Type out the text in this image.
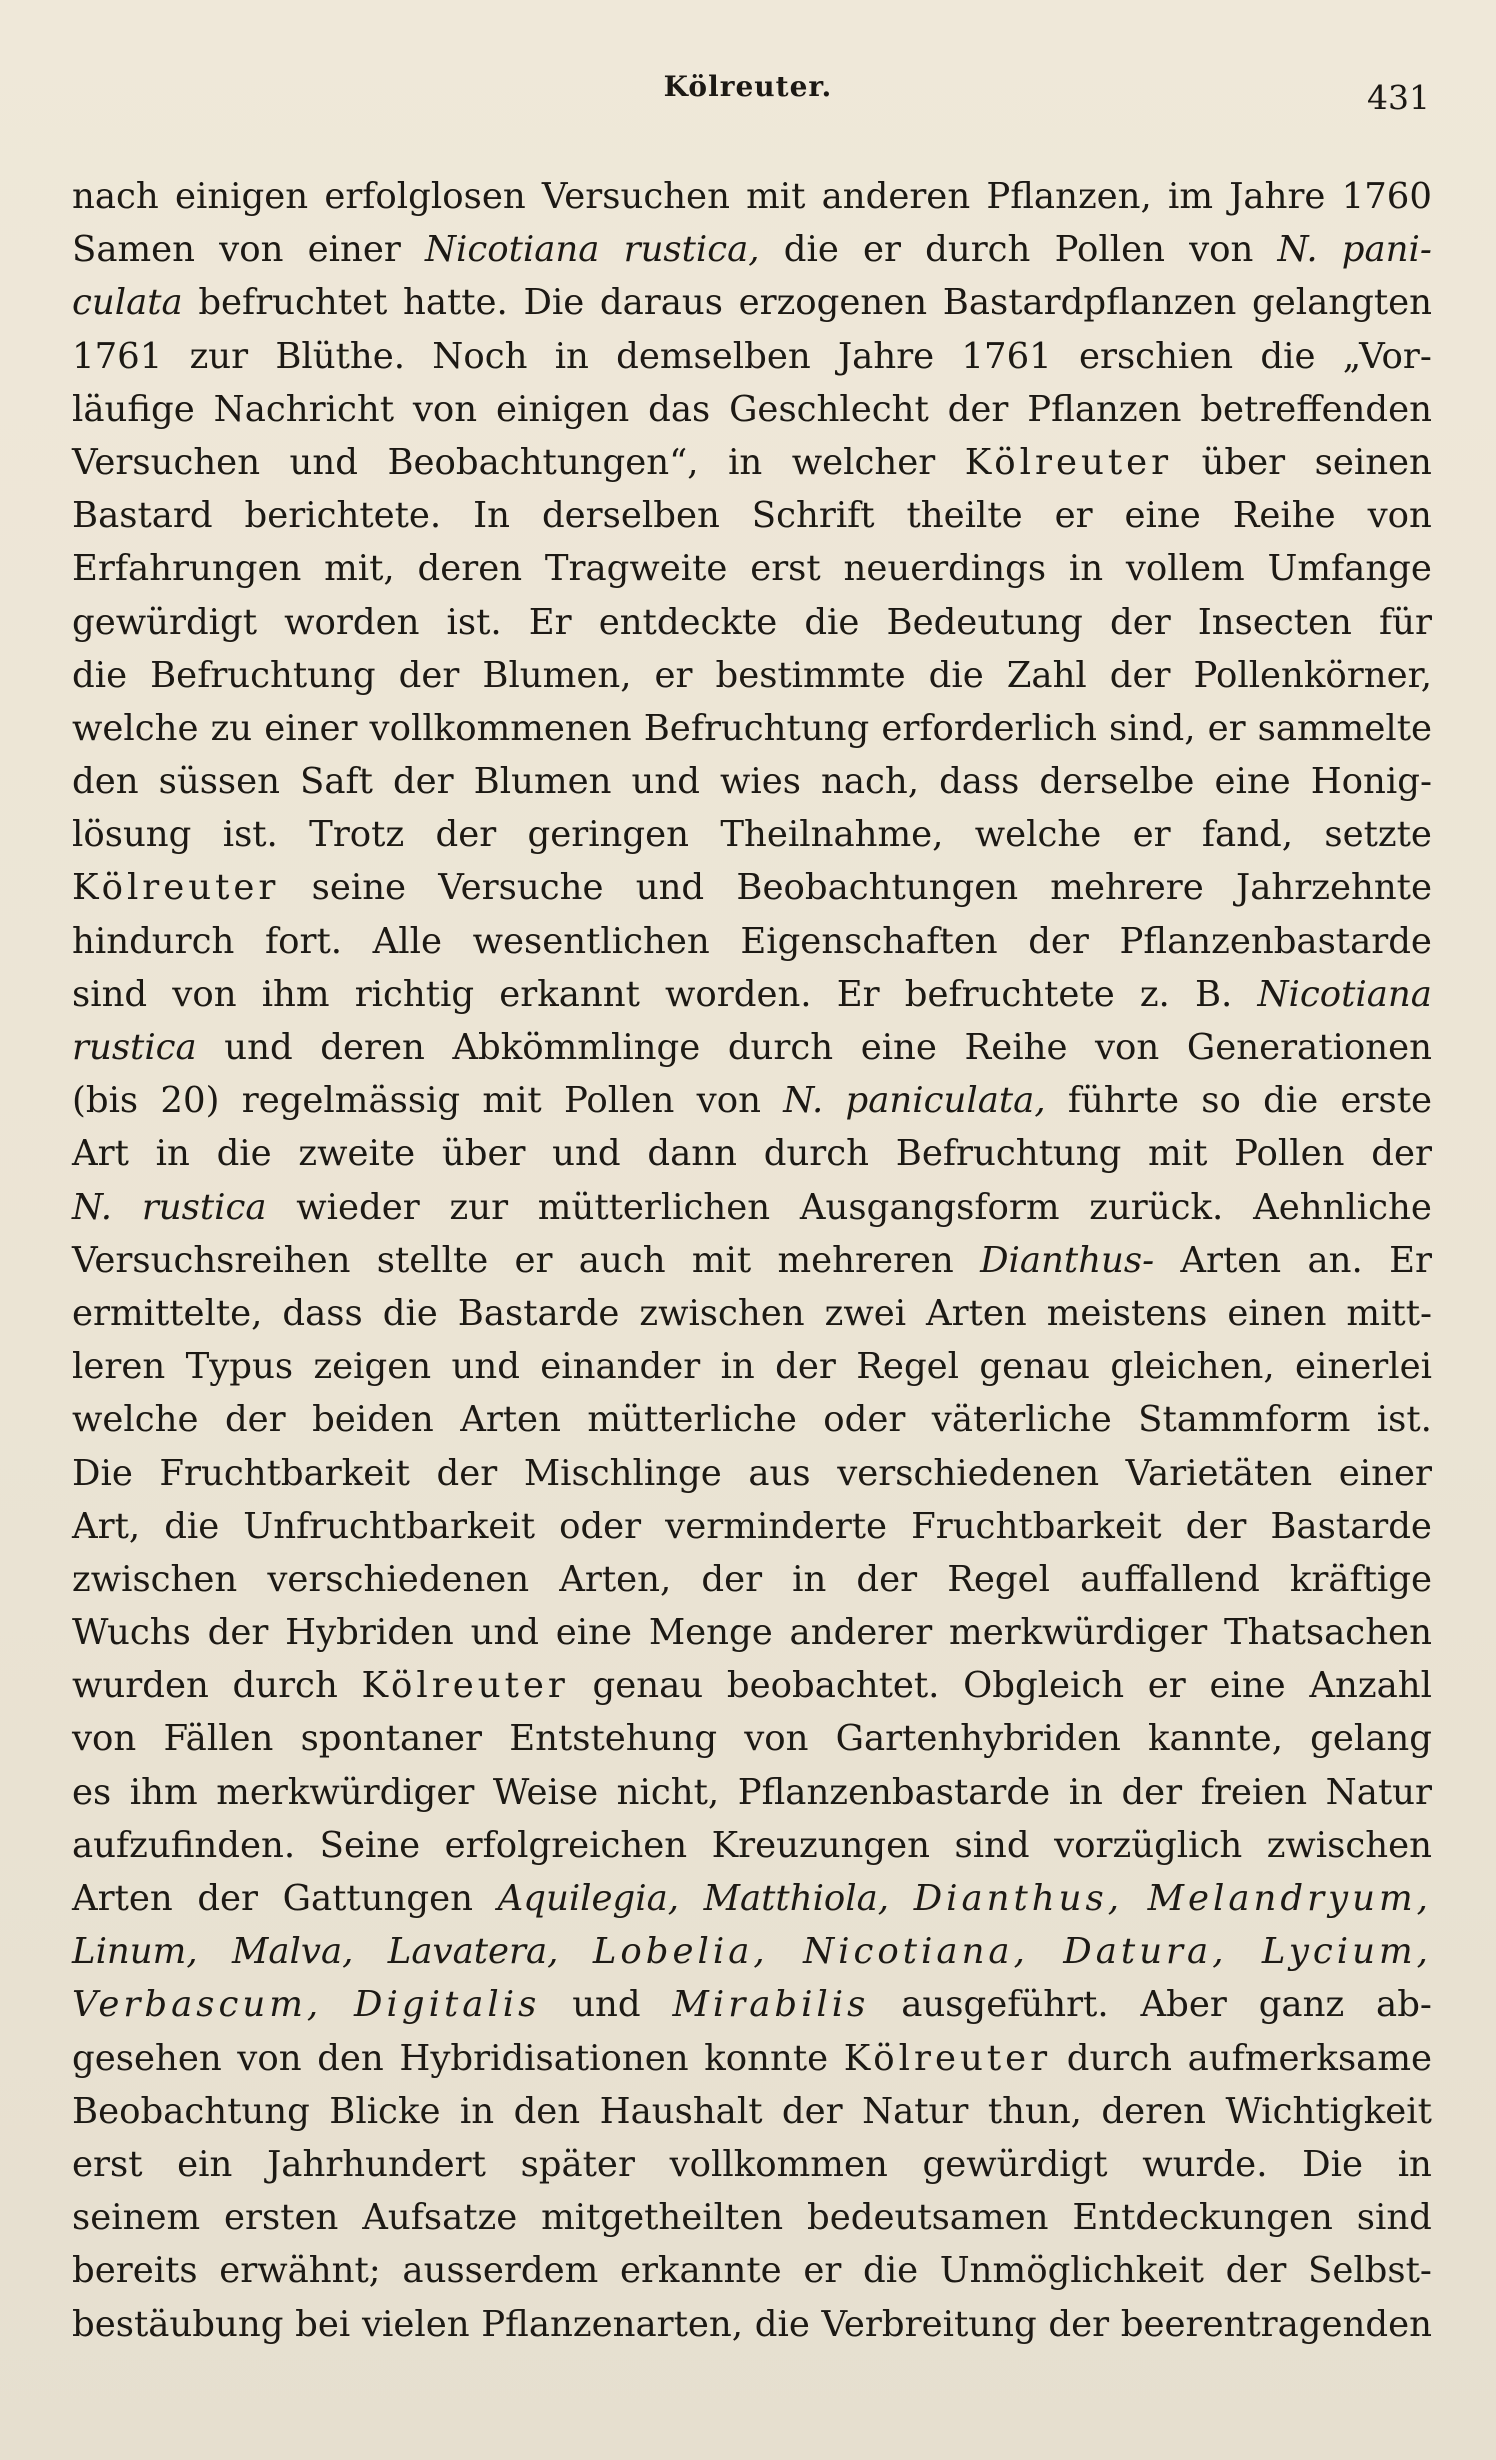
Kölreuter.	431
nach einigen erfolglosen Versuchen mit anderen Pflanzen, im Jahre 1760
Samen von einer Nicotiana rustica, die er durch Pollen von N. pani-
culata befruchtet hatte. Die daraus erzogenen Bastardpflanzen gelangten
1761 zur Blüthe. Noch in demselben Jahre 1761 erschien die „Vor-
läufige Nachricht von einigen das Geschlecht der Pflanzen betreffenden
Versuchen und Beobachtungen“, in welcher Kölreuter über seinen
Bastard berichtete. In derselben Schrift theilte er eine Reihe von
Erfahrungen mit, deren Tragweite erst neuerdings in vollem Umfange
gewürdigt worden ist. Er entdeckte die Bedeutung der Insecten für
die Befruchtung der Blumen, er bestimmte die Zahl der Pollenkörner,
welche zu einer vollkommenen Befruchtung erforderlich sind, er sammelte
den süssen Saft der Blumen und wies nach, dass derselbe eine Honig-
lösung ist. Trotz der geringen Theilnahme, welche er fand, setzte
Kölreuter seine Versuche und Beobachtungen mehrere Jahrzehnte
hindurch fort. Alle wesentlichen Eigenschaften der Pflanzenbastarde
sind von ihm richtig erkannt worden. Er befruchtete z. B. Nicotiana
rustica und deren Abkömmlinge durch eine Reihe von Generationen
(bis 20) regelmässig mit Pollen von N. paniculata, führte so die erste
Art in die zweite über und dann durch Befruchtung mit Pollen der
N. rustica wieder zur mütterlichen Ausgangsform zurück. Aehnliche
Versuchsreihen stellte er auch mit mehreren Dianthus- Arten an. Er
ermittelte, dass die Bastarde zwischen zwei Arten meistens einen mitt-
leren Typus zeigen und einander in der Regel genau gleichen, einerlei
welche der beiden Arten mütterliche oder väterliche Stammform ist.
Die Fruchtbarkeit der Mischlinge aus verschiedenen Varietäten einer
Art, die Unfruchtbarkeit oder verminderte Fruchtbarkeit der Bastarde
zwischen verschiedenen Arten, der in der Regel auffallend kräftige
Wuchs der Hybriden und eine Menge anderer merkwürdiger Thatsachen
wurden durch Kölreuter genau beobachtet. Obgleich er eine Anzahl
von Fällen spontaner Entstehung von Gartenhybriden kannte, gelang
es ihm merkwürdiger Weise nicht, Pflanzenbastarde in der freien Natur
aufzufinden. Seine erfolgreichen Kreuzungen sind vorzüglich zwischen
Arten der Gattungen Aquilegia, Matthiola, Dianthus, Melandryum,
Linum, Malva, Lavatera, Lobelia, Nicotiana, Datura, Lycium,
Verbascum, Digitalis und Mirabilis ausgeführt. Aber ganz ab-
gesehen von den Hybridisationen konnte Kölreuter durch aufmerksame
Beobachtung Blicke in den Haushalt der Natur thun, deren Wichtigkeit
erst ein Jahrhundert später vollkommen gewürdigt wurde. Die in
seinem ersten Aufsatze mitgetheilten bedeutsamen Entdeckungen sind
bereits erwähnt; ausserdem erkannte er die Unmöglichkeit der Selbst-
bestäubung bei vielen Pflanzenarten, die Verbreitung der beerentragenden
